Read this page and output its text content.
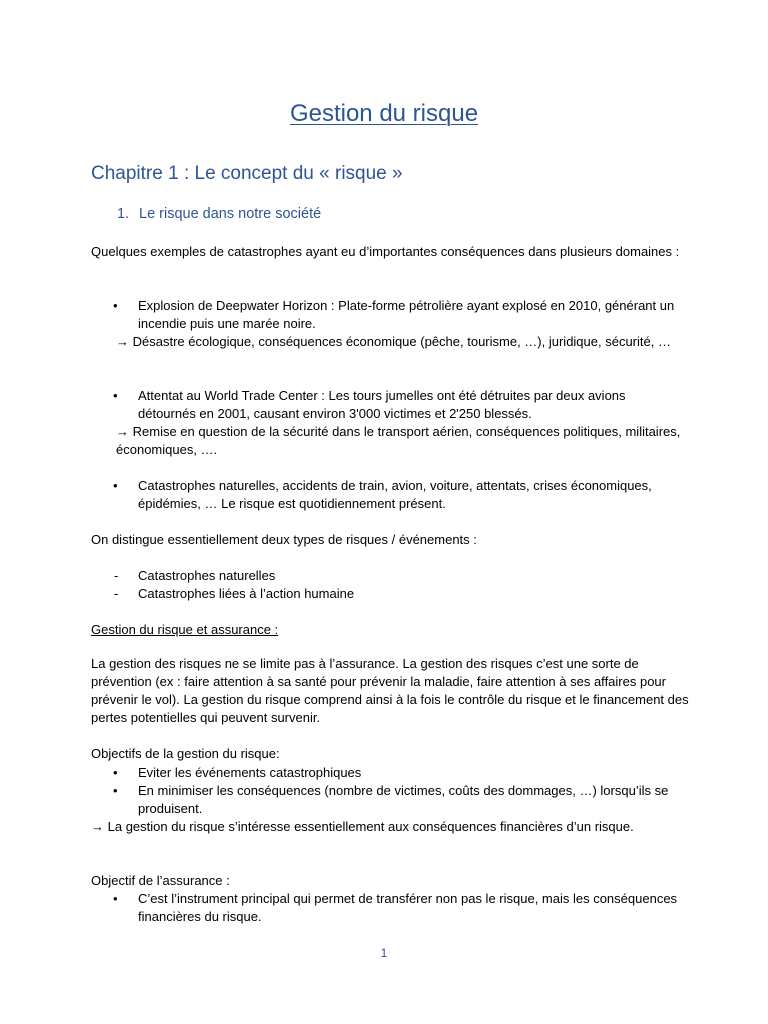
Gestion du risque
Chapitre 1 : Le concept du « risque »
1. Le risque dans notre société
Quelques exemples de catastrophes ayant eu d’importantes conséquences dans plusieurs domaines :
• Explosion de Deepwater Horizon : Plate-forme pétrolière ayant explosé en 2010, générant un incendie puis une marée noire.
→ Désastre écologique, conséquences économique (pêche, tourisme, …), juridique, sécurité, …
• Attentat au World Trade Center : Les tours jumelles ont été détruites par deux avions détournés en 2001, causant environ 3'000 victimes et 2'250 blessés.
→ Remise en question de la sécurité dans le transport aérien, conséquences politiques, militaires, économiques, ….
• Catastrophes naturelles, accidents de train, avion, voiture, attentats, crises économiques, épidémies, … Le risque est quotidiennement présent.
On distingue essentiellement deux types de risques / événements :
- Catastrophes naturelles
- Catastrophes liées à l’action humaine
Gestion du risque et assurance :
La gestion des risques ne se limite pas à l’assurance. La gestion des risques c’est une sorte de prévention (ex : faire attention à sa santé pour prévenir la maladie, faire attention à ses affaires pour prévenir le vol). La gestion du risque comprend ainsi à la fois le contrôle du risque et le financement des pertes potentielles qui peuvent survenir.
Objectifs de la gestion du risque:
• Eviter les événements catastrophiques
• En minimiser les conséquences (nombre de victimes, coûts des dommages, …) lorsqu’ils se produisent.
→ La gestion du risque s’intéresse essentiellement aux conséquences financières d’un risque.
Objectif de l’assurance :
• C’est l’instrument principal qui permet de transférer non pas le risque, mais les conséquences financières du risque.
1
